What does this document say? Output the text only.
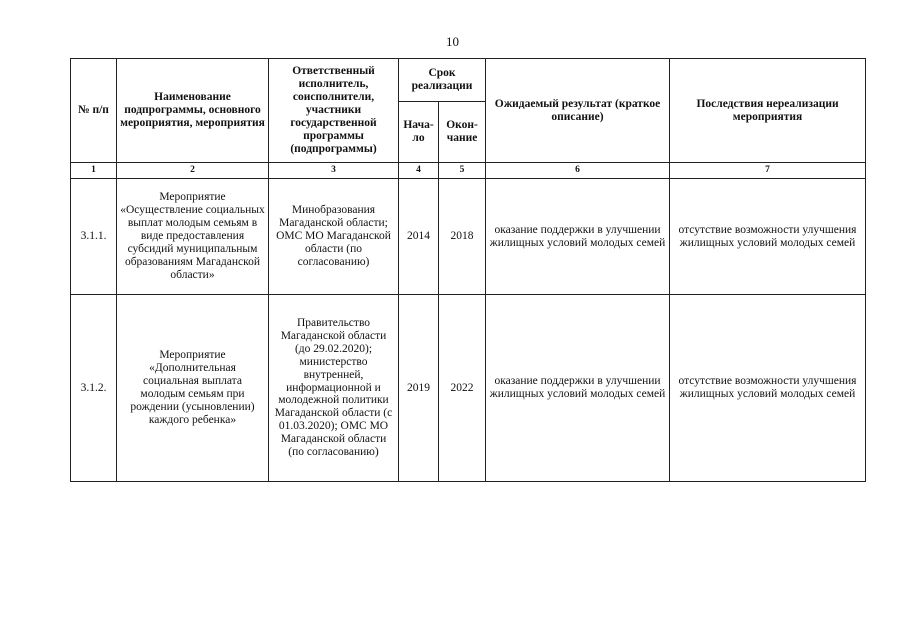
10
№ п/п	Наименование подпрограммы, основного мероприятия, мероприятия	Ответственный исполнитель, соисполнители, участники государственной программы (подпрограммы)	Срок реализации		Ожидаемый результат (краткое описание)	Последствия нереализации мероприятия
			Нача-ло	Окон-чание		
1	2	3	4	5	6	7
3.1.1.	Мероприятие «Осуществление социальных выплат молодым семьям в виде предоставления субсидий муниципальным образованиям Магаданской области»	Минобразования Магаданской области; ОМС МО Магаданской области (по согласованию)	2014	2018	оказание поддержки в улучшении жилищных условий молодых семей	отсутствие возможности улучшения жилищных условий молодых семей
3.1.2.	Мероприятие «Дополнительная социальная выплата молодым семьям при рождении (усыновлении) каждого ребенка»	Правительство Магаданской области (до 29.02.2020); министерство внутренней, информационной и молодежной политики Магаданской области (с 01.03.2020); ОМС МО Магаданской области (по согласованию)	2019	2022	оказание поддержки в улучшении жилищных условий молодых семей	отсутствие возможности улучшения жилищных условий молодых семей
